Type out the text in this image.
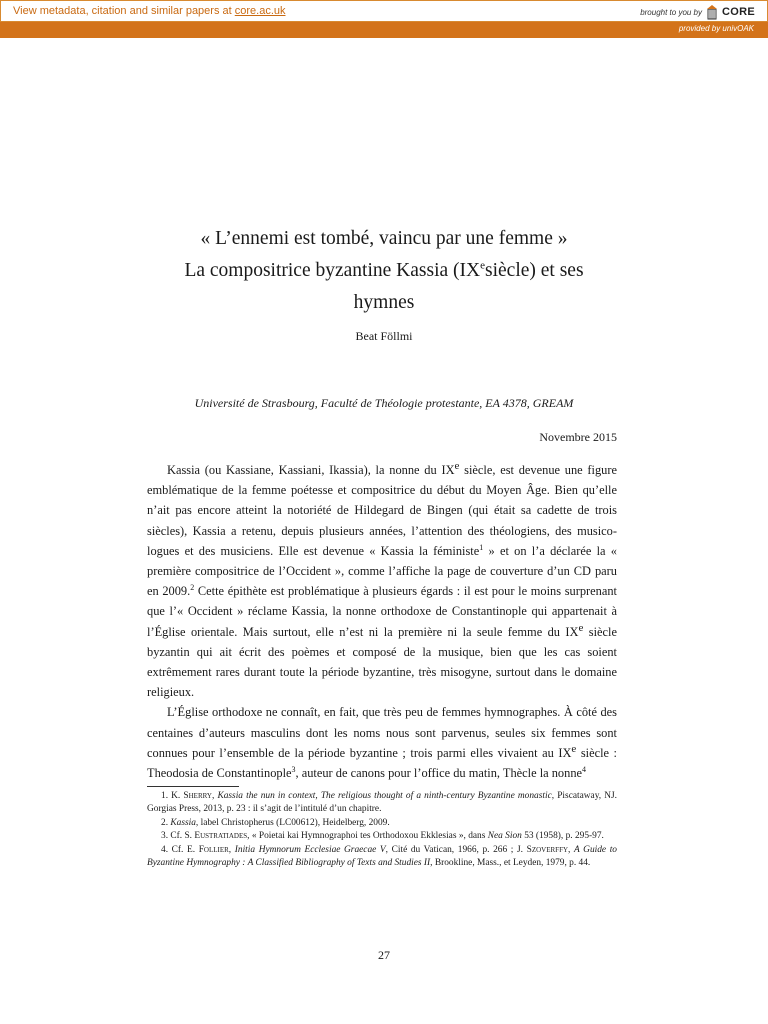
View metadata, citation and similar papers at core.ac.uk	brought to you by CORE
provided by univOAK
« L’ennemi est tombé, vaincu par une femme »
La compositrice byzantine Kassia (IXesiècle) et ses
hymnes
Beat Föllmi
Université de Strasbourg, Faculté de Théologie protestante, EA 4378, GREAM
Novembre 2015

Kassia (ou Kassiane, Kassiani, Ikassia), la nonne du IXe siècle, est devenue une figure emblématique de la femme poétesse et compositrice du début du Moyen Âge. Bien qu’elle n’ait pas encore atteint la notoriété de Hildegard de Bingen (qui était sa cadette de trois siècles), Kassia a retenu, depuis plusieurs années, l’attention des théologiens, des musico-logues et des musiciens. Elle est devenue « Kassia la féministe$^1$ » et on l’a déclarée la « première compositrice de l’Occident », comme l’affiche la page de couverture d’un CD paru en 2009.$^2$ Cette épithète est problématique à plusieurs égards : il est pour le moins surprenant que l’« Occident » réclame Kassia, la nonne orthodoxe de Constantinople qui appartenait à l’Église orientale. Mais surtout, elle n’est ni la première ni la seule femme du IXe siècle byzantin qui ait écrit des poèmes et composé de la musique, bien que les cas soient extrêmement rares durant toute la période byzantine, très misogyne, surtout dans le domaine religieux.

L’Église orthodoxe ne connaît, en fait, que très peu de femmes hymnographes. À côté des centaines d’auteurs masculins dont les noms nous sont parvenus, seules six femmes sont connues pour l’ensemble de la période byzantine ; trois parmi elles vivaient au IXe siècle : Theodosia de Constantinople$^3$, auteur de canons pour l’office du matin, Thècle la nonne$^4$

1. K. Sherry, Kassia the nun in context, The religious thought of a ninth-century Byzantine monastic, Piscataway, NJ. Gorgias Press, 2013, p. 23 : il s’agit de l’intitulé d’un chapitre.

2. Kassia, label Christopherus (LC00612), Heidelberg, 2009.

3. Cf. S. Eustratiades, « Poietai kai Hymnographoi tes Orthodoxou Ekklesias », dans Nea Sion 53 (1958), p. 295-97.

4. Cf. E. Follier, Initia Hymnorum Ecclesiae Graecae V, Cité du Vatican, 1966, p. 266 ; J. Szoverffy, A Guide to Byzantine Hymnography : A Classified Bibliography of Texts and Studies II, Brookline, Mass., et Leyden, 1979, p. 44.

27
